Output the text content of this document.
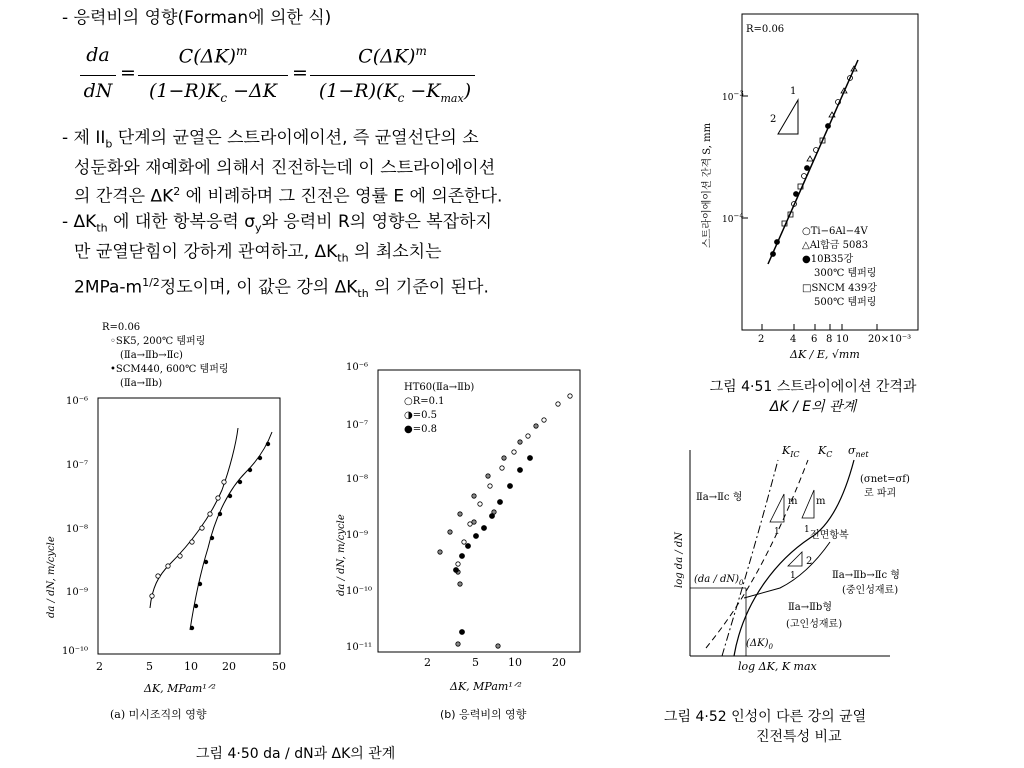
- 응력비의 영향(Forman에 의한 식)
da
dN
=
$C(\Delta K)^m$
$(1-R)K_c -\Delta K$
=
$C(\Delta K)^m$
$(1-R)(K_c -K_{max})$
- 제 $II_b$ 단계의 균열은 스트라이에이션, 즉 균열선단의 소
성둔화와 재예화에 의해서 진전하는데 이 스트라이에이션
의 간격은 $\Delta K^2$ 에 비례하며 그 진전은 영률 E 에 의존한다.
- $\Delta K_{th}$ 에 대한 항복응력 $\sigma_y$와 응력비 R의 영향은 복잡하지
만 균열닫힘이 강하게 관여하고, $\Delta K_{th}$ 의 최소치는
$2MPa-m^{1/2}$정도이며, 이 값은 강의 $\Delta K_{th}$ 의 기준이 된다.
R=0.06
$10^{-3}$
$10^{-4}$
스트라이에이션 간격 S, mm
2	4 6 8 10 20×10⁻³
ΔK / E, √mm
1
2
○Ti−6Al−4V
△Al합금 5083
●10B35강
300℃ 템퍼링
□SNCM 439강
500℃ 템퍼링
그림 4·51 스트라이에이션 간격과
ΔK / E의 관계
R=0.06
◦SK5, 200℃ 템퍼링
(Ⅱa→Ⅱb→Ⅱc)
•SCM440, 600℃ 템퍼링
(Ⅱa→Ⅱb)
10⁻⁶
10⁻⁷
10⁻⁸
10⁻⁹
10⁻¹⁰
da / dN, m/cycle
2	5	10 20	50
ΔK, MPam¹ᐟ²
(a) 미시조직의 영향
10⁻⁶
10⁻⁷
10⁻⁸
10⁻⁹
10⁻¹⁰
10⁻¹¹
da / dN, m/cycle
HT60(Ⅱa→Ⅱb)
○R=0.1
◑=0.5
●=0.8
2	5	10	20
ΔK, MPam¹ᐟ²
(b) 응력비의 영향
그림 4·50 da / dN과 ΔK의 관계
log da / dN
log ΔK, K max
$K_{IC}$ $K_C$ $\sigma_{net}$
(σnet=σf)
로 파괴
Ⅱa→Ⅱc 형
전면항복
Ⅱa→Ⅱb→Ⅱc 형
(중인성재료)
Ⅱa→Ⅱb형
(고인성재료)
$(da / dN)_0$
$(\Delta K)_0$
m m
1	1
2
1
그림 4·52 인성이 다른 강의 균열
진전특성 비교
